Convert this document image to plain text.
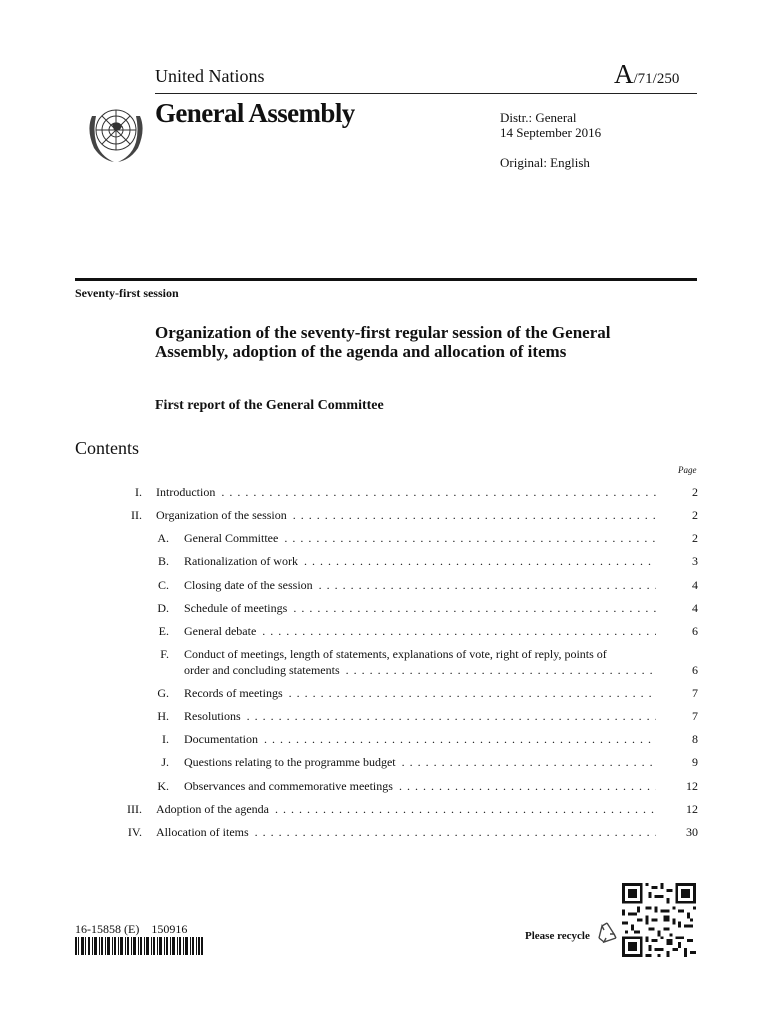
United Nations	A/71/250
General Assembly	Distr.: General
14 September 2016
Original: English
Seventy-first session
Organization of the seventy-first regular session of the General Assembly, adoption of the agenda and allocation of items
First report of the General Committee
Contents
Page
I. Introduction . . .	2
II. Organization of the session . . .	2
A. General Committee . . .	2
B. Rationalization of work . . .	3
C. Closing date of the session . . .	4
D. Schedule of meetings . . .	4
E. General debate . . .	6
F. Conduct of meetings, length of statements, explanations of vote, right of reply, points of
order and concluding statements . . .	6
G. Records of meetings . . .	7
H. Resolutions . . .	7
I. Documentation . . .	8
J. Questions relating to the programme budget . . .	9
K. Observances and commemorative meetings . . .	12
III. Adoption of the agenda . . .	12
IV. Allocation of items . . .	30
16-15858 (E)    150916	Please recycle
